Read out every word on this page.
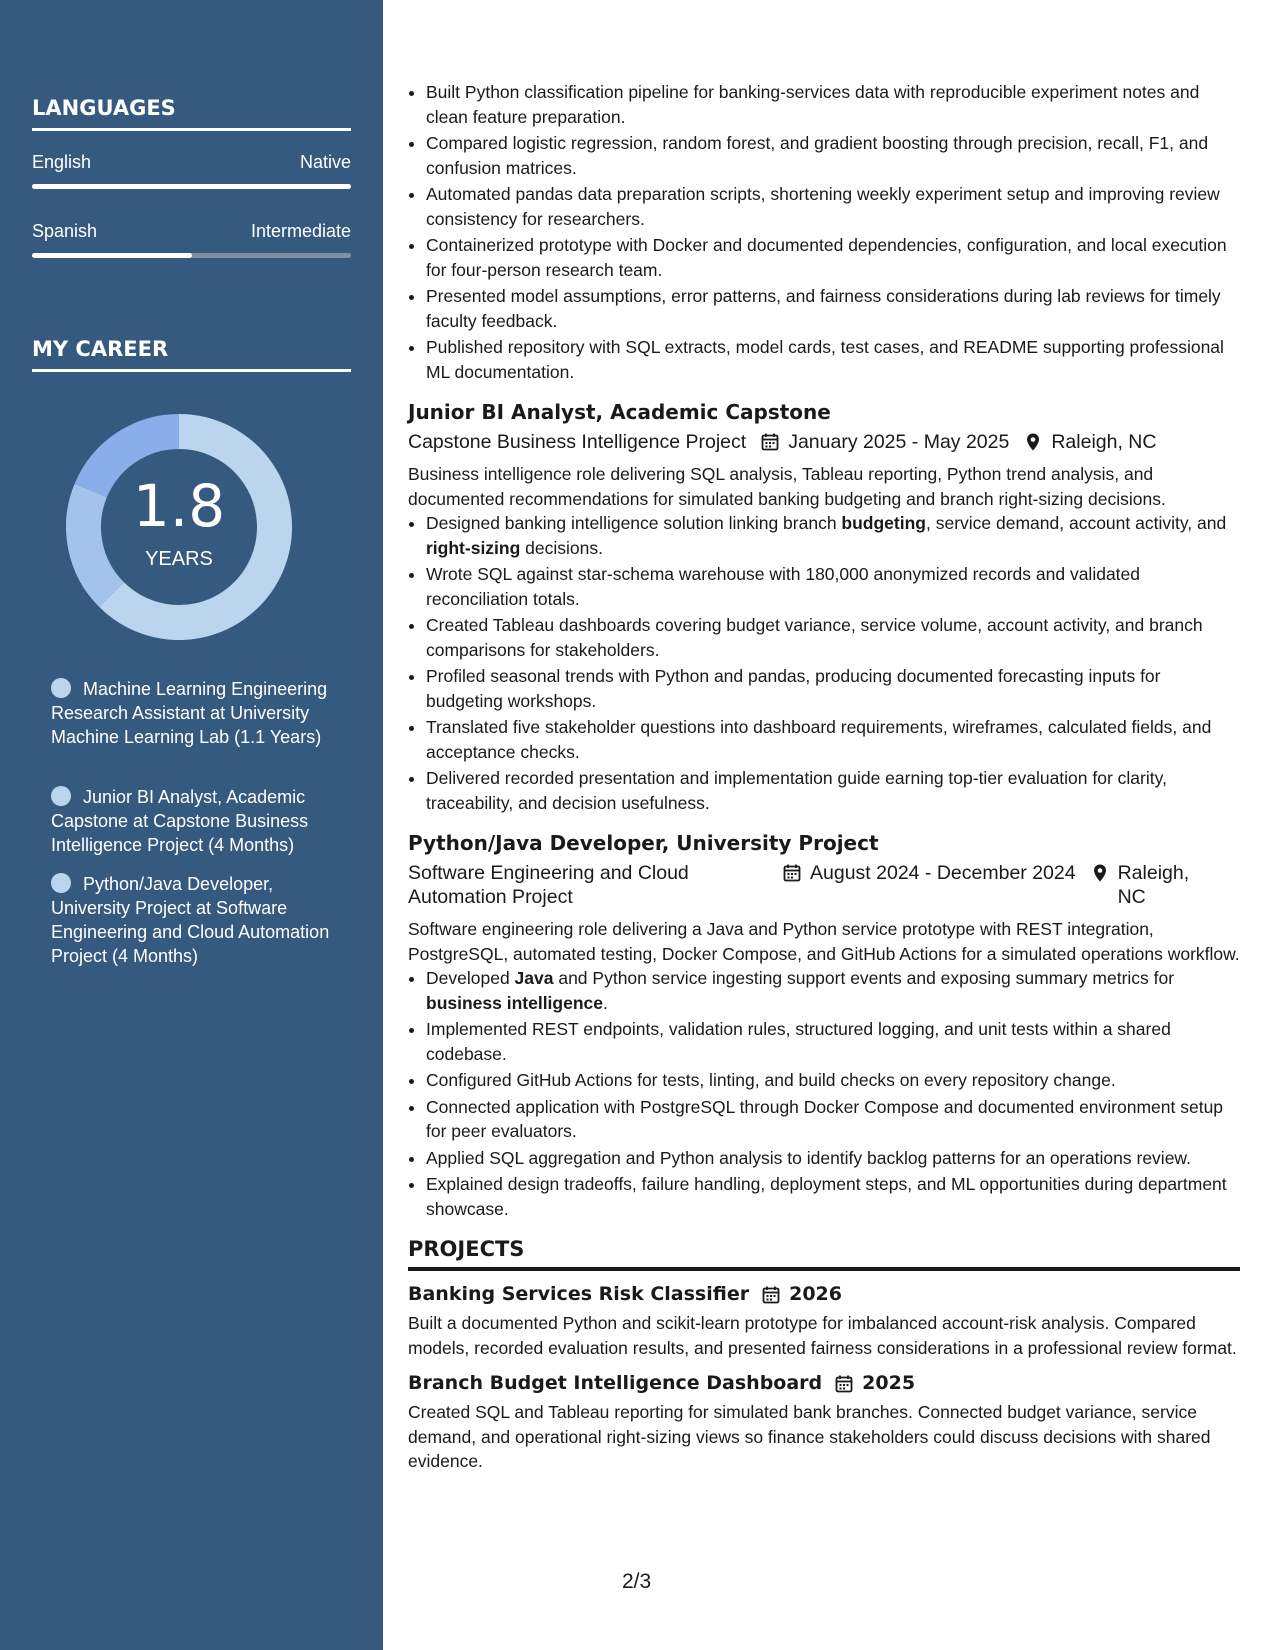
LANGUAGES
English	Native
Spanish	Intermediate
MY CAREER
1.8
YEARS
Machine Learning Engineering Research Assistant at University Machine Learning Lab (1.1 Years)
Junior BI Analyst, Academic Capstone at Capstone Business Intelligence Project (4 Months)
Python/Java Developer, University Project at Software Engineering and Cloud Automation Project (4 Months)
• Built Python classification pipeline for banking-services data with reproducible experiment notes and clean feature preparation.
• Compared logistic regression, random forest, and gradient boosting through precision, recall, F1, and confusion matrices.
• Automated pandas data preparation scripts, shortening weekly experiment setup and improving review consistency for researchers.
• Containerized prototype with Docker and documented dependencies, configuration, and local execution for four-person research team.
• Presented model assumptions, error patterns, and fairness considerations during lab reviews for timely faculty feedback.
• Published repository with SQL extracts, model cards, test cases, and README supporting professional ML documentation.
Junior BI Analyst, Academic Capstone
Capstone Business Intelligence Project January 2025 - May 2025 Raleigh, NC
Business intelligence role delivering SQL analysis, Tableau reporting, Python trend analysis, and documented recommendations for simulated banking budgeting and branch right-sizing decisions.
• Designed banking intelligence solution linking branch budgeting, service demand, account activity, and right-sizing decisions.
• Wrote SQL against star-schema warehouse with 180,000 anonymized records and validated reconciliation totals.
• Created Tableau dashboards covering budget variance, service volume, account activity, and branch comparisons for stakeholders.
• Profiled seasonal trends with Python and pandas, producing documented forecasting inputs for budgeting workshops.
• Translated five stakeholder questions into dashboard requirements, wireframes, calculated fields, and acceptance checks.
• Delivered recorded presentation and implementation guide earning top-tier evaluation for clarity, traceability, and decision usefulness.
Python/Java Developer, University Project
Software Engineering and Cloud Automation Project
August 2024 - December 2024 Raleigh, NC
Software engineering role delivering a Java and Python service prototype with REST integration, PostgreSQL, automated testing, Docker Compose, and GitHub Actions for a simulated operations workflow.
• Developed Java and Python service ingesting support events and exposing summary metrics for business intelligence.
• Implemented REST endpoints, validation rules, structured logging, and unit tests within a shared codebase.
• Configured GitHub Actions for tests, linting, and build checks on every repository change.
• Connected application with PostgreSQL through Docker Compose and documented environment setup for peer evaluators.
• Applied SQL aggregation and Python analysis to identify backlog patterns for an operations review.
• Explained design tradeoffs, failure handling, deployment steps, and ML opportunities during department showcase.
PROJECTS
Banking Services Risk Classifier 2026
Built a documented Python and scikit-learn prototype for imbalanced account-risk analysis. Compared models, recorded evaluation results, and presented fairness considerations in a professional review format.
Branch Budget Intelligence Dashboard 2025
Created SQL and Tableau reporting for simulated bank branches. Connected budget variance, service demand, and operational right-sizing views so finance stakeholders could discuss decisions with shared evidence.
2/3
